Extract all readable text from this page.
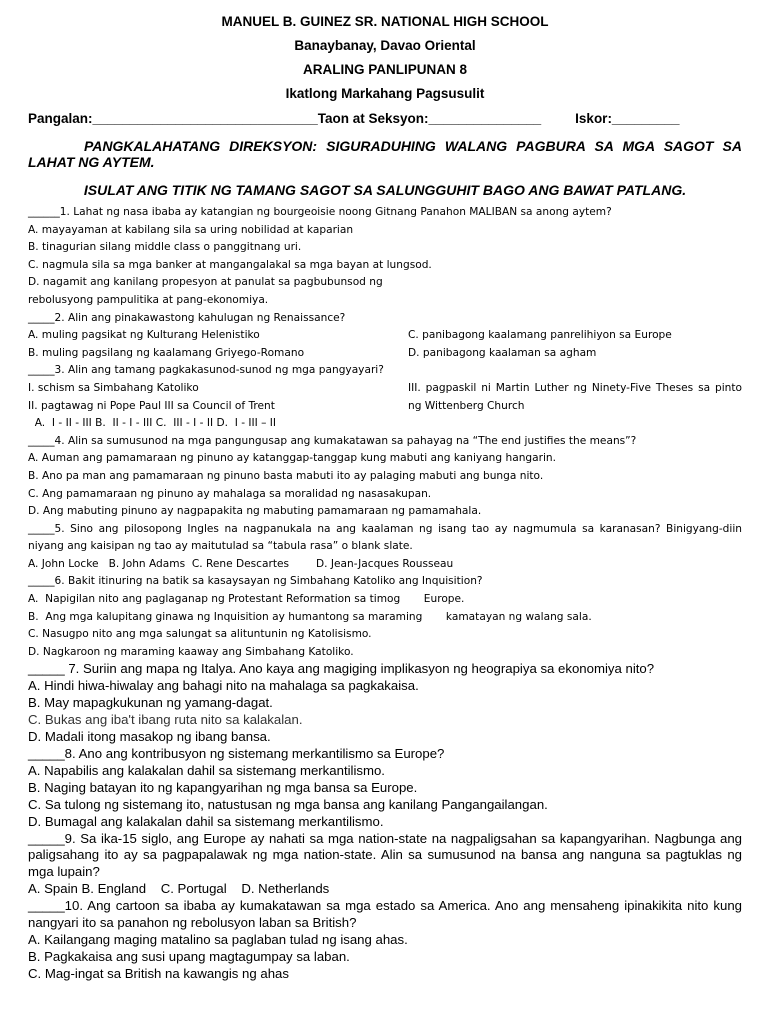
MANUEL B. GUINEZ SR. NATIONAL HIGH SCHOOL
Banaybanay, Davao Oriental
ARALING PANLIPUNAN 8
Ikatlong Markahang Pagsusulit
Pangalan:______________________________ Taon at Seksyon:_______________	Iskor:_________
PANGKALAHATANG DIREKSYON: SIGURADUHING WALANG PAGBURA SA MGA SAGOT SA LAHAT NG AYTEM.
ISULAT ANG TITIK NG TAMANG SAGOT SA SALUNGGUHIT BAGO ANG BAWAT PATLANG.
______1. Lahat ng nasa ibaba ay katangian ng bourgeoisie noong Gitnang Panahon MALIBAN sa anong aytem?
A. mayayaman at kabilang sila sa uring nobilidad at kaparian
B. tinagurian silang middle class o panggitnang uri.
C. nagmula sila sa mga banker at mangangalakal sa mga bayan at lungsod.
D. nagamit ang kanilang propesyon at panulat sa pagbubunsod ng
rebolusyong pampulitika at pang-ekonomiya.
_____2. Alin ang pinakawastong kahulugan ng Renaissance?
A. muling pagsikat ng Kulturang Helenistiko	C. panibagong kaalamang panrelihiyon sa Europe
B. muling pagsilang ng kaalamang Griyego-Romano	D. panibagong kaalaman sa agham
_____3. Alin ang tamang pagkakasunod-sunod ng mga pangyayari?
I. schism sa Simbahang Katoliko
II. pagtawag ni Pope Paul III sa Council of Trent
III. pagpaskil ni Martin Luther ng Ninety-Five Theses sa pinto ng Wittenberg Church
A.  I - II - III B.  II - I - III C.  III - I - II D.  I - III – II
_____4. Alin sa sumusunod na mga pangungusap ang kumakatawan sa pahayag na “The end justifies the means”?
A. Auman ang pamamaraan ng pinuno ay katanggap-tanggap kung mabuti ang kaniyang hangarin.
B. Ano pa man ang pamamaraan ng pinuno basta mabuti ito ay palaging mabuti ang bunga nito.
C. Ang pamamaraan ng pinuno ay mahalaga sa moralidad ng nasasakupan.
D. Ang mabuting pinuno ay nagpapakita ng mabuting pamamaraan ng pamamahala.
_____5. Sino ang pilosopong Ingles na nagpanukala na ang kaalaman ng isang tao ay nagmumula sa karanasan? Binigyang-diin niyang ang kaisipan ng tao ay maitutulad sa “tabula rasa” o blank slate.
A. John Locke   B. John Adams  C. Rene Descartes        D. Jean-Jacques Rousseau
_____6. Bakit itinuring na batik sa kasaysayan ng Simbahang Katoliko ang Inquisition?
A.  Napigilan nito ang paglaganap ng Protestant Reformation sa timog       Europe.
B.  Ang mga kalupitang ginawa ng Inquisition ay humantong sa maraming       kamatayan ng walang sala.
C. Nasugpo nito ang mga salungat sa alituntunin ng Katolisismo.
D. Nagkaroon ng maraming kaaway ang Simbahang Katoliko.
_____ 7. Suriin ang mapa ng Italya. Ano kaya ang magiging implikasyon ng heograpiya sa ekonomiya nito?
A. Hindi hiwa-hiwalay ang bahagi nito na mahalaga sa pagkakaisa.
B. May mapagkukunan ng yamang-dagat.
C. Bukas ang iba't ibang ruta nito sa kalakalan.
D. Madali itong masakop ng ibang bansa.
_____8. Ano ang kontribusyon ng sistemang merkantilismo sa Europe?
A. Napabilis ang kalakalan dahil sa sistemang merkantilismo.
B. Naging batayan ito ng kapangyarihan ng mga bansa sa Europe.
C. Sa tulong ng sistemang ito, natustusan ng mga bansa ang kanilang Pangangailangan.
D. Bumagal ang kalakalan dahil sa sistemang merkantilismo.
_____9. Sa ika-15 siglo, ang Europe ay nahati sa mga nation-state na nagpaligsahan sa kapangyarihan. Nagbunga ang paligsahang ito ay sa pagpapalawak ng mga nation-state. Alin sa sumusunod na bansa ang nanguna sa pagtuklas ng mga lupain?
A. Spain B. England    C. Portugal    D. Netherlands
_____10. Ang cartoon sa ibaba ay kumakatawan sa mga estado sa America. Ano ang mensaheng ipinakikita nito kung nangyari ito sa panahon ng rebolusyon laban sa British?
A. Kailangang maging matalino sa paglaban tulad ng isang ahas.
B. Pagkakaisa ang susi upang magtagumpay sa laban.
C. Mag-ingat sa British na kawangis ng ahas
